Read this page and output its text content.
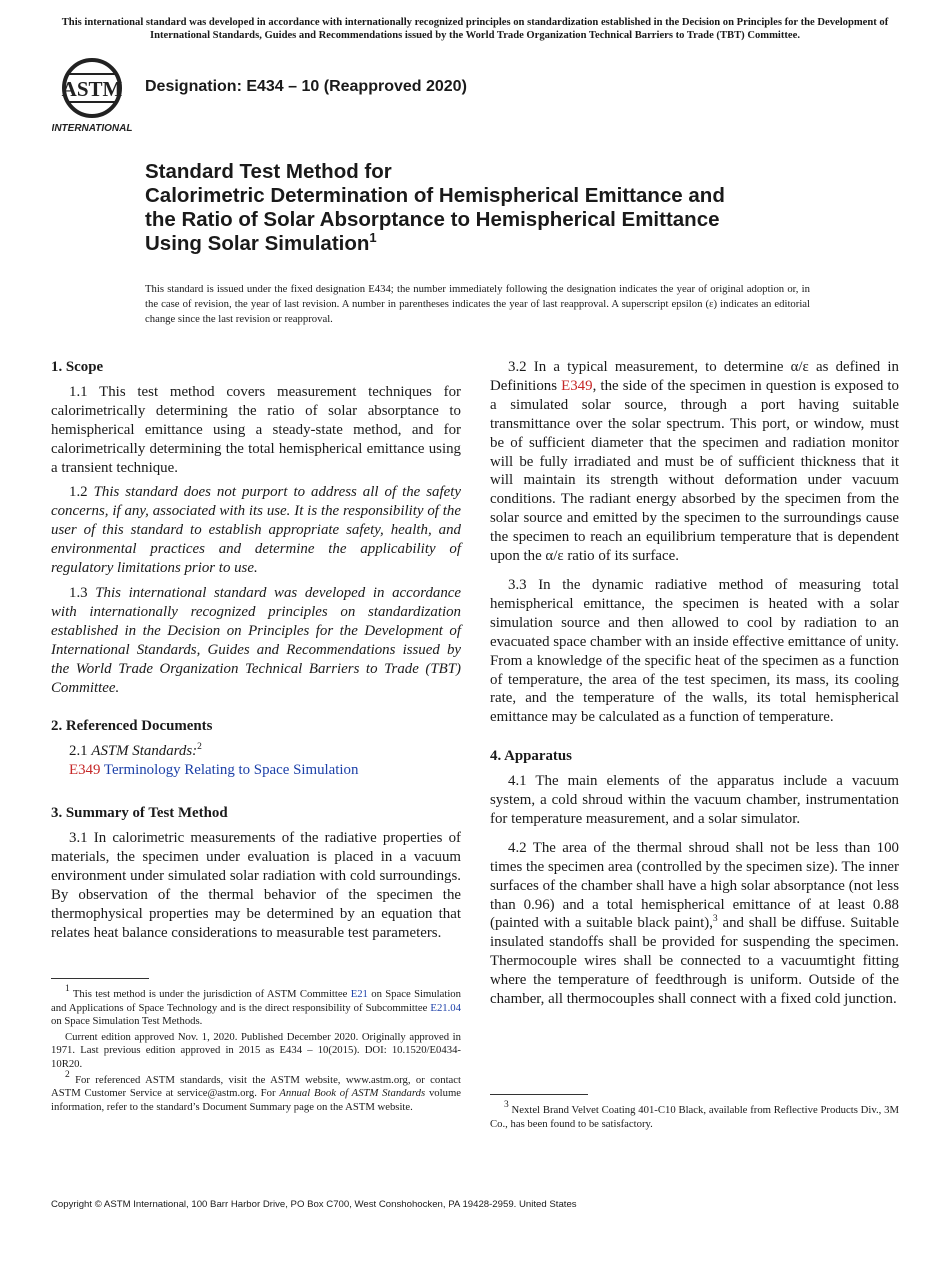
This international standard was developed in accordance with internationally recognized principles on standardization established in the Decision on Principles for the Development of International Standards, Guides and Recommendations issued by the World Trade Organization Technical Barriers to Trade (TBT) Committee.
ASTM
INTERNATIONAL
Designation: E434 – 10 (Reapproved 2020)
Standard Test Method for
Calorimetric Determination of Hemispherical Emittance and
the Ratio of Solar Absorptance to Hemispherical Emittance
Using Solar Simulation$^1$
This standard is issued under the fixed designation E434; the number immediately following the designation indicates the year of original adoption or, in the case of revision, the year of last revision. A number in parentheses indicates the year of last reapproval. A superscript epsilon (ε) indicates an editorial change since the last revision or reapproval.
1. Scope

1.1 This test method covers measurement techniques for calorimetrically determining the ratio of solar absorptance to hemispherical emittance using a steady-state method, and for calorimetrically determining the total hemispherical emittance using a transient technique.

1.2 This standard does not purport to address all of the safety concerns, if any, associated with its use. It is the responsibility of the user of this standard to establish appropriate safety, health, and environmental practices and determine the applicability of regulatory limitations prior to use.

1.3 This international standard was developed in accordance with internationally recognized principles on standardization established in the Decision on Principles for the Development of International Standards, Guides and Recommendations issued by the World Trade Organization Technical Barriers to Trade (TBT) Committee.

2. Referenced Documents

2.1 ASTM Standards:$^2$

E349 Terminology Relating to Space Simulation

3. Summary of Test Method

3.1 In calorimetric measurements of the radiative properties of materials, the specimen under evaluation is placed in a vacuum environment under simulated solar radiation with cold surroundings. By observation of the thermal behavior of the specimen the thermophysical properties may be determined by an equation that relates heat balance considerations to measurable test parameters.

$^1$ This test method is under the jurisdiction of ASTM Committee E21 on Space Simulation and Applications of Space Technology and is the direct responsibility of Subcommittee E21.04 on Space Simulation Test Methods.

Current edition approved Nov. 1, 2020. Published December 2020. Originally approved in 1971. Last previous edition approved in 2015 as E434 – 10(2015). DOI: 10.1520/E0434-10R20.

$^2$ For referenced ASTM standards, visit the ASTM website, www.astm.org, or contact ASTM Customer Service at service@astm.org. For Annual Book of ASTM Standards volume information, refer to the standard’s Document Summary page on the ASTM website.

3.2 In a typical measurement, to determine α/ε as defined in Definitions E349, the side of the specimen in question is exposed to a simulated solar source, through a port having suitable transmittance over the solar spectrum. This port, or window, must be of sufficient diameter that the specimen and radiation monitor will be fully irradiated and must be of sufficient thickness that it will maintain its strength without deformation under vacuum conditions. The radiant energy absorbed by the specimen from the solar source and emitted by the specimen to the surroundings cause the specimen to reach an equilibrium temperature that is dependent upon the α/ε ratio of its surface.

3.3 In the dynamic radiative method of measuring total hemispherical emittance, the specimen is heated with a solar simulation source and then allowed to cool by radiation to an evacuated space chamber with an inside effective emittance of unity. From a knowledge of the specific heat of the specimen as a function of temperature, the area of the test specimen, its mass, its cooling rate, and the temperature of the walls, its total hemispherical emittance may be calculated as a function of temperature.

4. Apparatus

4.1 The main elements of the apparatus include a vacuum system, a cold shroud within the vacuum chamber, instrumentation for temperature measurement, and a solar simulator.

4.2 The area of the thermal shroud shall not be less than 100 times the specimen area (controlled by the specimen size). The inner surfaces of the chamber shall have a high solar absorptance (not less than 0.96) and a total hemispherical emittance of at least 0.88 (painted with a suitable black paint),$^3$ and shall be diffuse. Suitable insulated standoffs shall be provided for suspending the specimen. Thermocouple wires shall be connected to a vacuumtight fitting where the temperature of feedthrough is uniform. Outside of the chamber, all thermocouples shall connect with a fixed cold junction.

$^3$ Nextel Brand Velvet Coating 401-C10 Black, available from Reflective Products Div., 3M Co., has been found to be satisfactory.

Copyright © ASTM International, 100 Barr Harbor Drive, PO Box C700, West Conshohocken, PA 19428-2959. United States
